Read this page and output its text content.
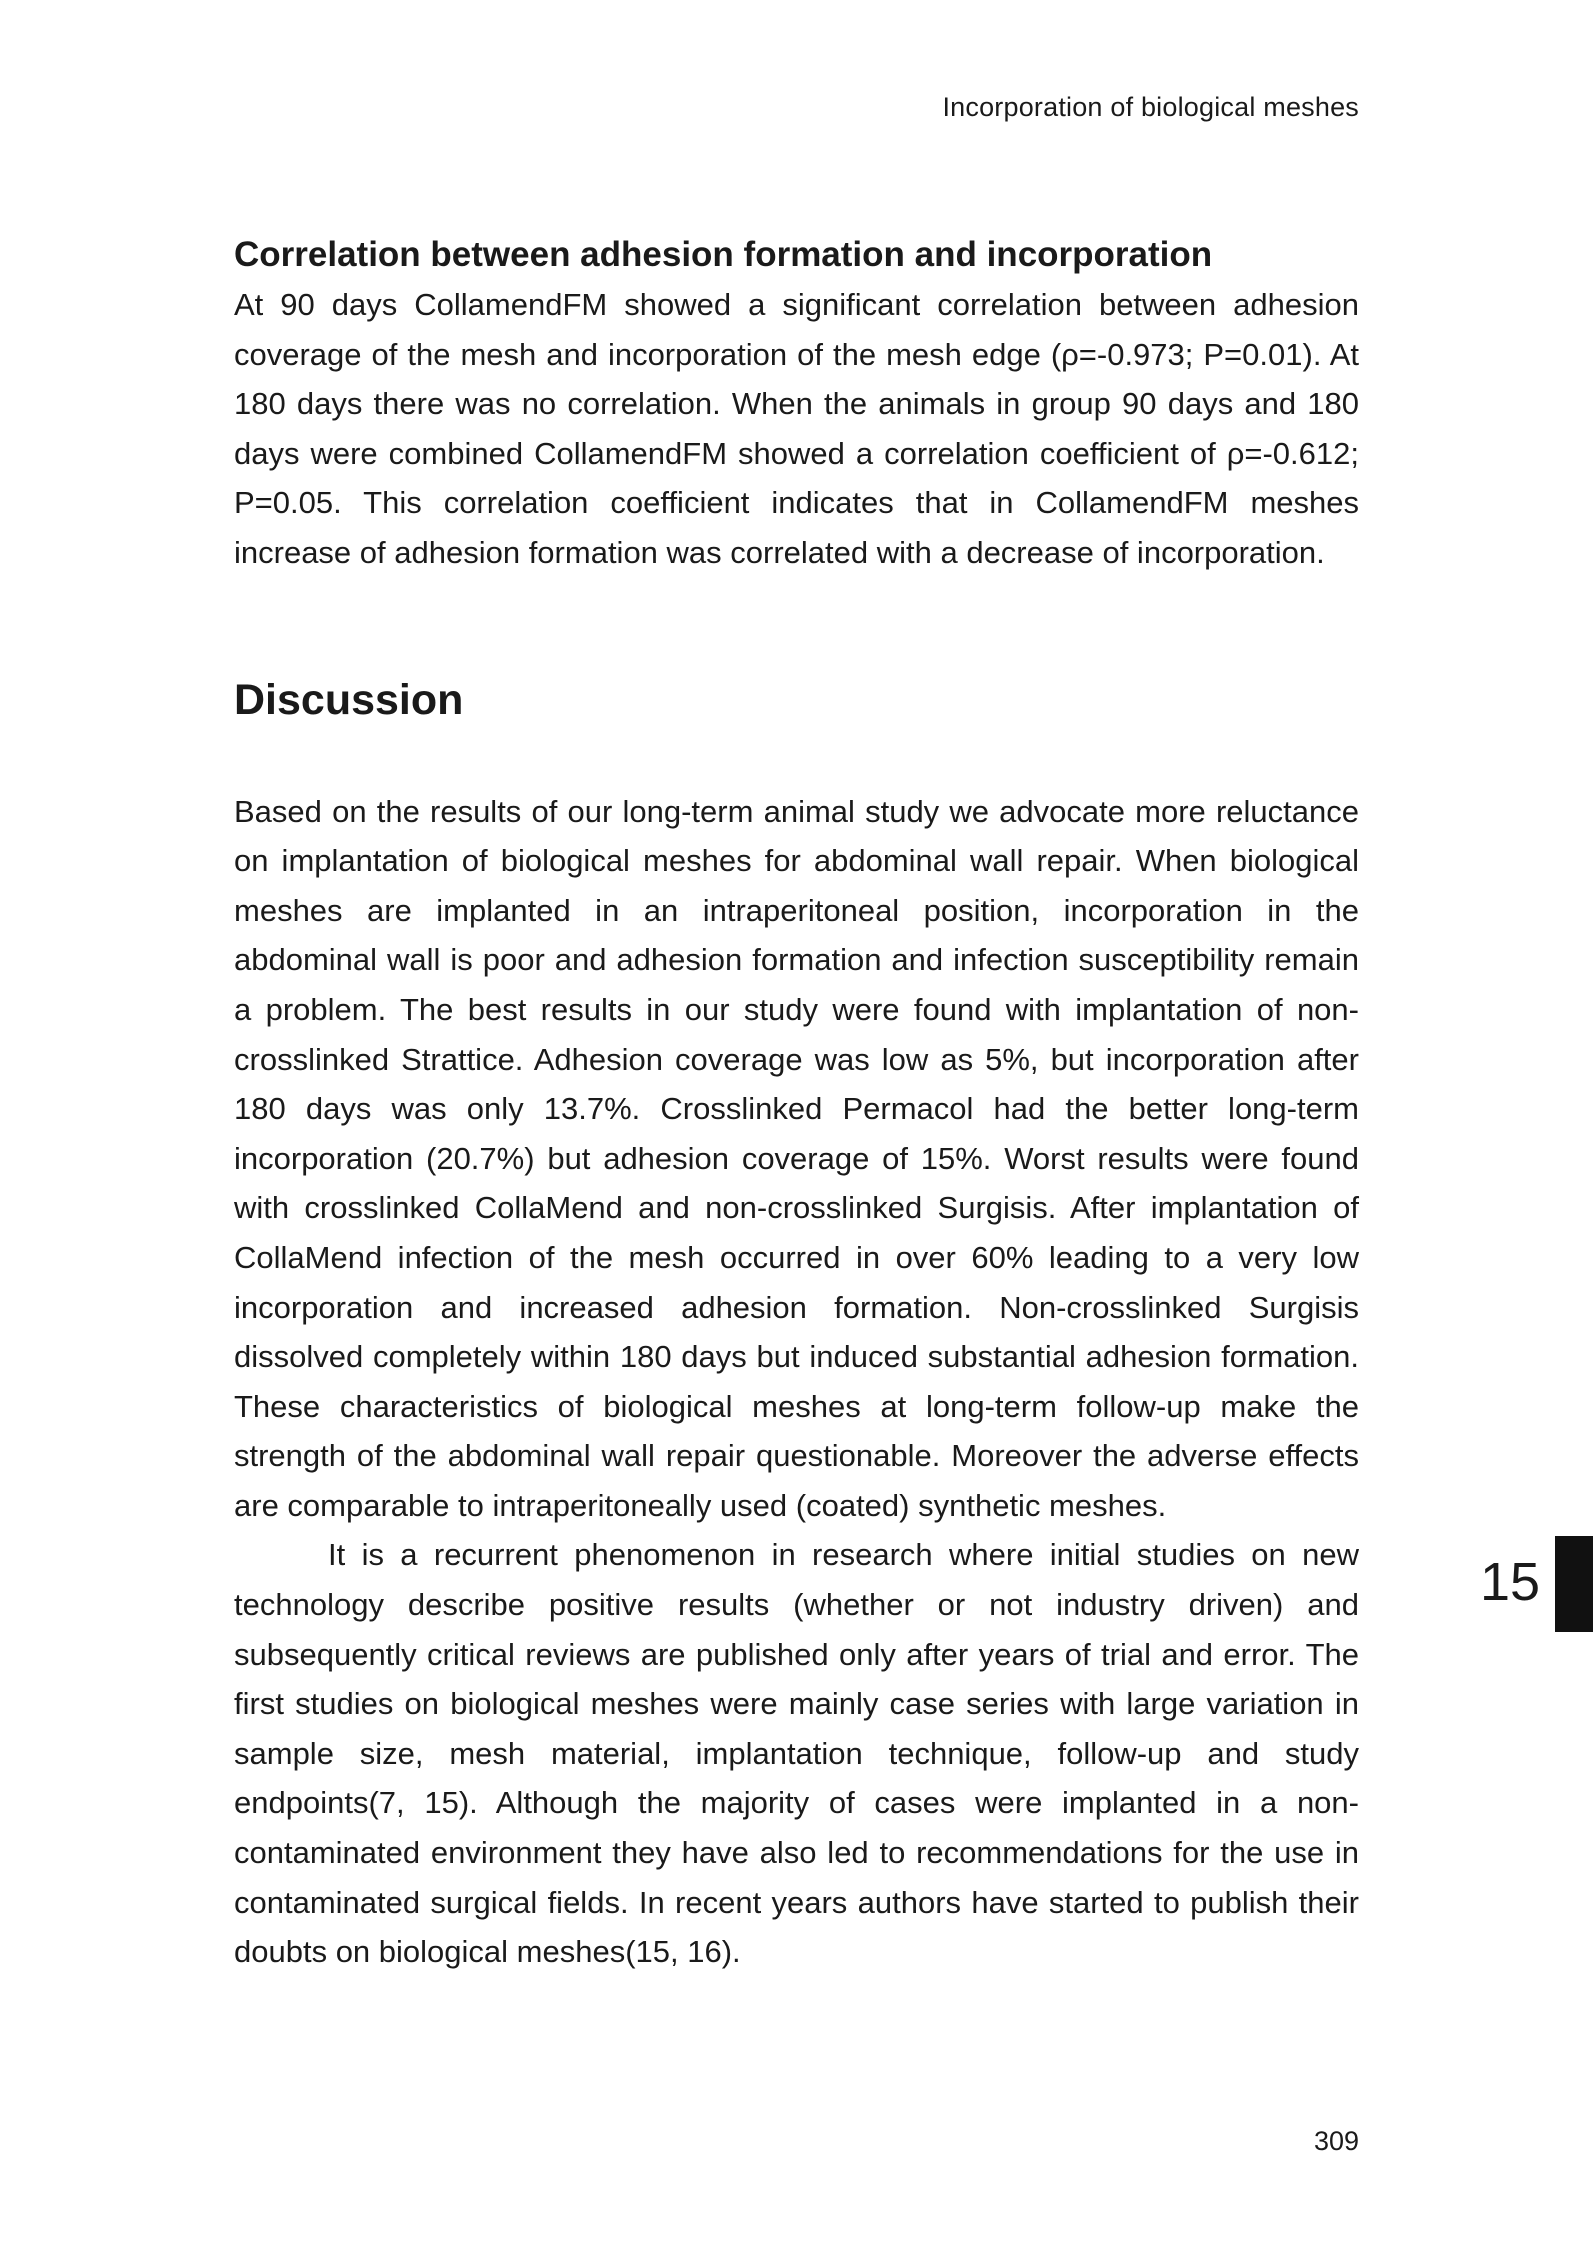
Incorporation of biological meshes
Correlation between adhesion formation and incorporation

At 90 days CollamendFM showed a significant correlation between adhesion coverage of the mesh and incorporation of the mesh edge (ρ=-0.973; P=0.01). At 180 days there was no correlation. When the animals in group 90 days and 180 days were combined CollamendFM showed a correlation coefficient of ρ=-0.612; P=0.05. This correlation coefficient indicates that in CollamendFM meshes increase of adhesion formation was correlated with a decrease of incorporation.

Discussion

Based on the results of our long-term animal study we advocate more reluctance on implantation of biological meshes for abdominal wall repair. When biological meshes are implanted in an intraperitoneal position, incorporation in the abdominal wall is poor and adhesion formation and infection susceptibility remain a problem. The best results in our study were found with implantation of non-crosslinked Strattice. Adhesion coverage was low as 5%, but incorporation after 180 days was only 13.7%. Crosslinked Permacol had the better long-term incorporation (20.7%) but adhesion coverage of 15%. Worst results were found with crosslinked CollaMend and non-crosslinked Surgisis. After implantation of CollaMend infection of the mesh occurred in over 60% leading to a very low incorporation and increased adhesion formation. Non-crosslinked Surgisis dissolved completely within 180 days but induced substantial adhesion formation. These characteristics of biological meshes at long-term follow-up make the strength of the abdominal wall repair questionable. Moreover the adverse effects are comparable to intraperitoneally used (coated) synthetic meshes.

It is a recurrent phenomenon in research where initial studies on new technology describe positive results (whether or not industry driven) and subsequently critical reviews are published only after years of trial and error. The first studies on biological meshes were mainly case series with large variation in sample size, mesh material, implantation technique, follow-up and study endpoints(7, 15). Although the majority of cases were implanted in a non-contaminated environment they have also led to recommendations for the use in contaminated surgical fields. In recent years authors have started to publish their doubts on biological meshes(15, 16).

15
309
